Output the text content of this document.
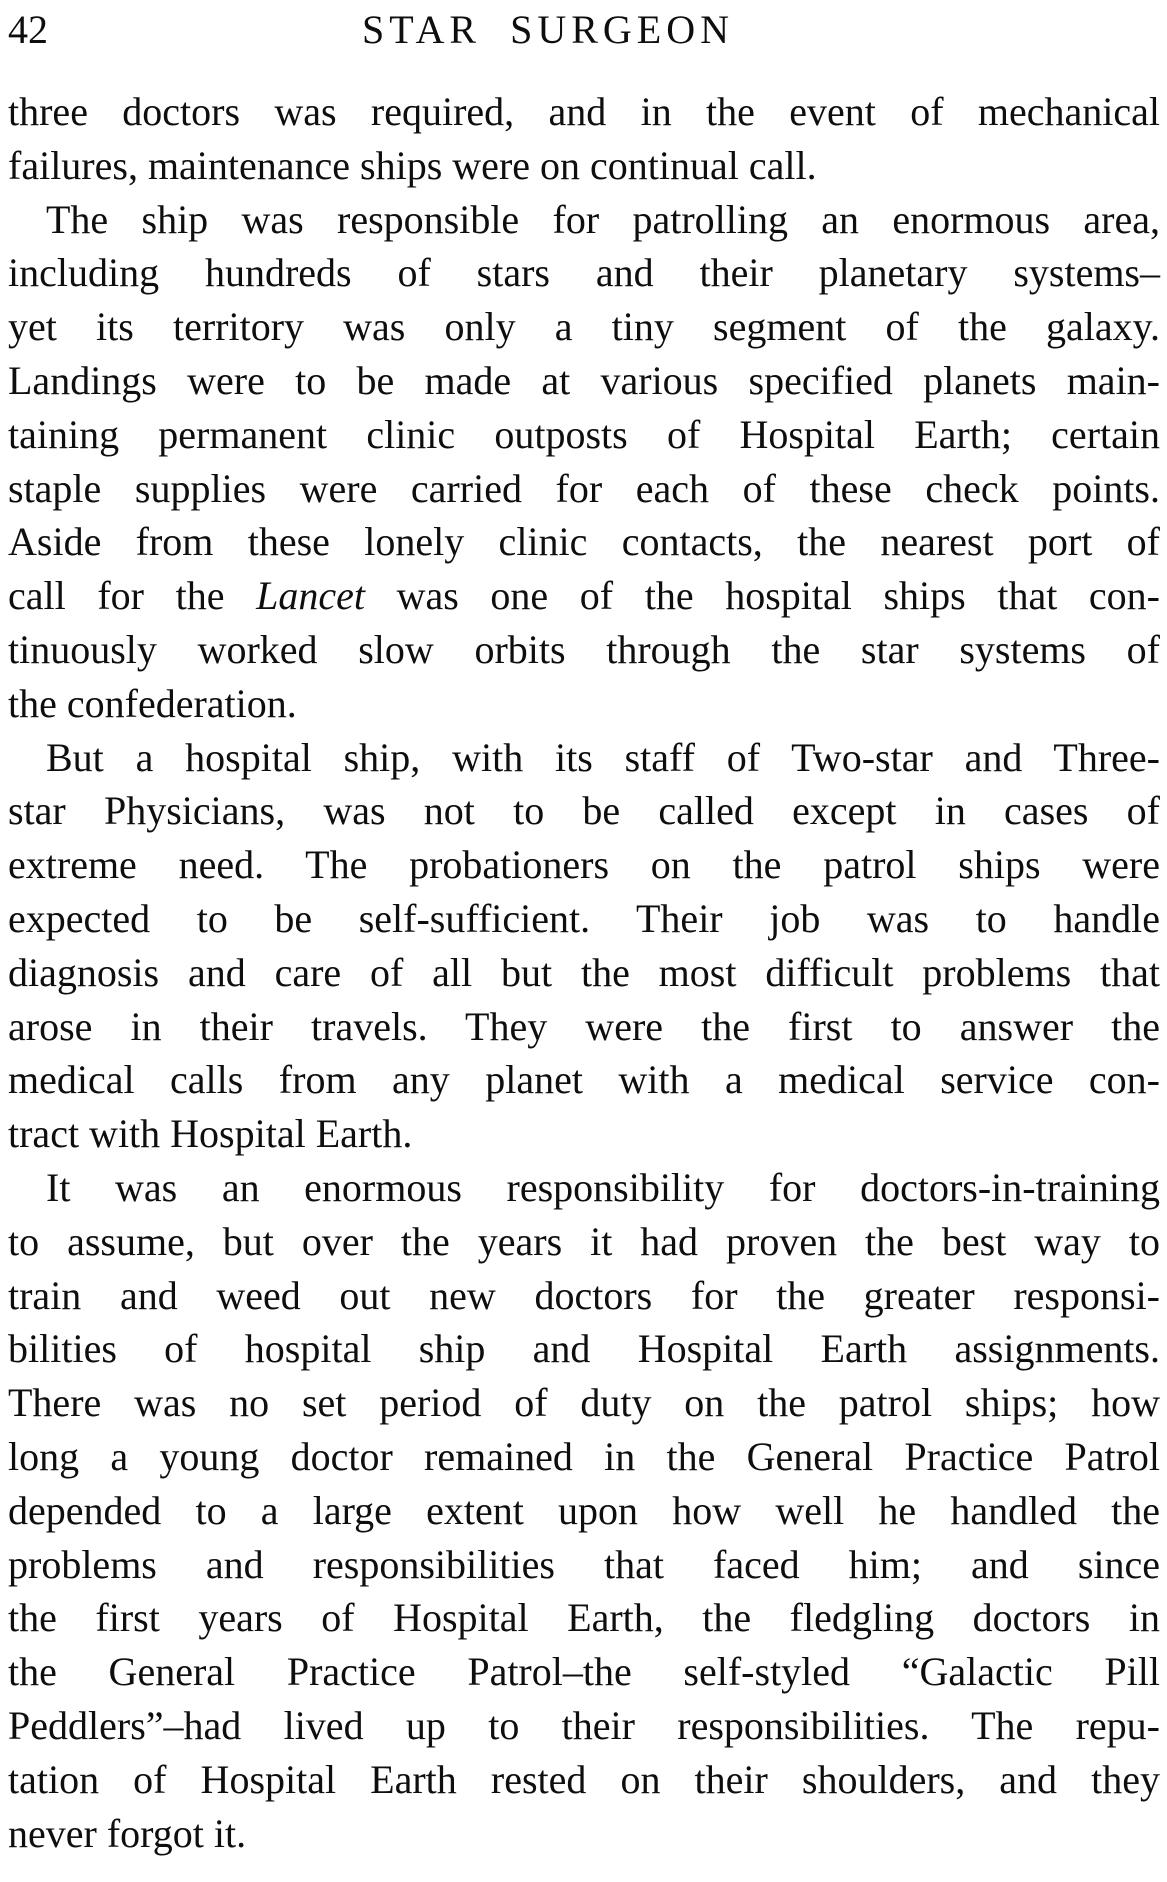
42	STAR SURGEON
three doctors was required, and in the event of mechanical
failures, maintenance ships were on continual call.
The ship was responsible for patrolling an enormous area,
including hundreds of stars and their planetary systems–
yet its territory was only a tiny segment of the galaxy.
Landings were to be made at various specified planets main-
taining permanent clinic outposts of Hospital Earth; certain
staple supplies were carried for each of these check points.
Aside from these lonely clinic contacts, the nearest port of
call for the Lancet was one of the hospital ships that con-
tinuously worked slow orbits through the star systems of
the confederation.
But a hospital ship, with its staff of Two-star and Three-
star Physicians, was not to be called except in cases of
extreme need. The probationers on the patrol ships were
expected to be self-sufficient. Their job was to handle
diagnosis and care of all but the most difficult problems that
arose in their travels. They were the first to answer the
medical calls from any planet with a medical service con-
tract with Hospital Earth.
It was an enormous responsibility for doctors-in-training
to assume, but over the years it had proven the best way to
train and weed out new doctors for the greater responsi-
bilities of hospital ship and Hospital Earth assignments.
There was no set period of duty on the patrol ships; how
long a young doctor remained in the General Practice Patrol
depended to a large extent upon how well he handled the
problems and responsibilities that faced him; and since
the first years of Hospital Earth, the fledgling doctors in
the General Practice Patrol–the self-styled “Galactic Pill
Peddlers”–had lived up to their responsibilities. The repu-
tation of Hospital Earth rested on their shoulders, and they
never forgot it.
